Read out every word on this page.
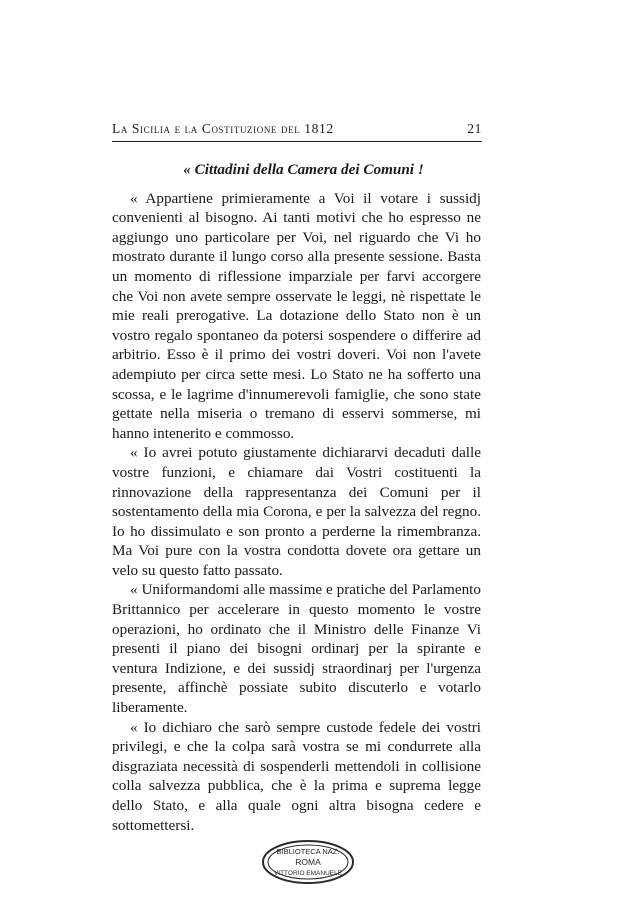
La Sicilia e la Costituzione del 1812	21

« Cittadini della Camera dei Comuni !

« Appartiene primieramente a Voi il votare i sussidj convenienti al bisogno. Ai tanti motivi che ho espresso ne aggiungo uno particolare per Voi, nel riguardo che Vi ho mostrato durante il lungo corso alla presente sessione. Basta un momento di riflessione imparziale per farvi accorgere che Voi non avete sempre osservate le leggi, nè rispettate le mie reali prerogative. La dotazione dello Stato non è un vostro regalo spontaneo da potersi sospendere o differire ad arbitrio. Esso è il primo dei vostri doveri. Voi non l'avete adempiuto per circa sette mesi. Lo Stato ne ha sofferto una scossa, e le lagrime d'innumerevoli famiglie, che sono state gettate nella miseria o tremano di esservi sommerse, mi hanno intenerito e commosso.

« Io avrei potuto giustamente dichiararvi decaduti dalle vostre funzioni, e chiamare dai Vostri costituenti la rinnovazione della rappresentanza dei Comuni per il sostentamento della mia Corona, e per la salvezza del regno. Io ho dissimulato e son pronto a perderne la rimembranza. Ma Voi pure con la vostra condotta dovete ora gettare un velo su questo fatto passato.

« Uniformandomi alle massime e pratiche del Parlamento Brittannico per accelerare in questo momento le vostre operazioni, ho ordinato che il Ministro delle Finanze Vi presenti il piano dei bisogni ordinarj per la spirante e ventura Indizione, e dei sussidj straordinarj per l'urgenza presente, affinchè possiate subito discuterlo e votarlo liberamente.

« Io dichiaro che sarò sempre custode fedele dei vostri privilegi, e che la colpa sarà vostra se mi condurrete alla disgraziata necessità di sospenderli mettendoli in collisione colla salvezza pubblica, che è la prima e suprema legge dello Stato, e alla quale ogni altra bisogna cedere e sottomettersi.

BIBLIOTECA NAZ.
ROMA
VITTORIO EMANUELE
